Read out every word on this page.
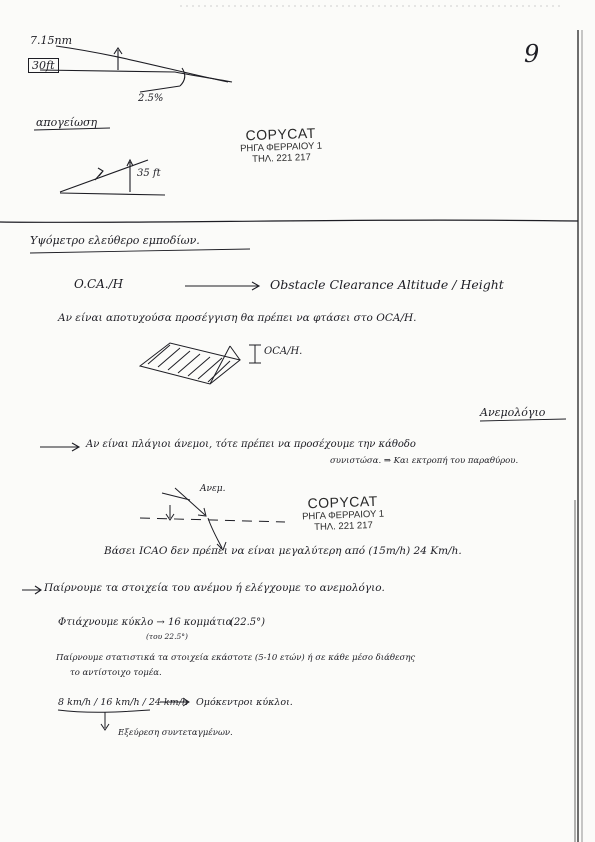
9
7.15nm
30ft
2.5%
απογείωση
35 ft
COPYCAT
ΡΗΓΑ ΦΕΡΡΑΙΟΥ 1
ΤΗΛ. 221 217
Υψόμετρο ελεύθερο εμποδίων.
O.CA./H	Obstacle Clearance Altitude / Height
Αν είναι αποτυχούσα προσέγγιση θα πρέπει να φτάσει στο OCA/H.
OCA/H.
Ανεμολόγιο
Αν είναι πλάγιοι άνεμοι, τότε πρέπει να προσέχουμε την κάθοδο
συνιστώσα. ⇒ Και εκτροπή του παραθύρου.
COPYCAT
ΡΗΓΑ ΦΕΡΡΑΙΟΥ 1
ΤΗΛ. 221 217
Ανεμ.
Βάσει ICAO δεν πρέπει να είναι μεγαλύτερη από (15m/h) 24 Km/h.
Παίρνουμε τα στοιχεία του ανέμου ή ελέγχουμε το ανεμολόγιο.
Φτιάχνουμε κύκλο → 16 κομμάτια
(του 22.5°)
(22.5°)
Παίρνουμε στατιστικά τα στοιχεία εκάστοτε (5-10 ετών) ή σε κάθε μέσο διάθεσης
το αντίστοιχο τομέα.
8 km/h / 16 km/h / 24 km/h Ομόκεντροι κύκλοι.
Εξεύρεση συντεταγμένων.
